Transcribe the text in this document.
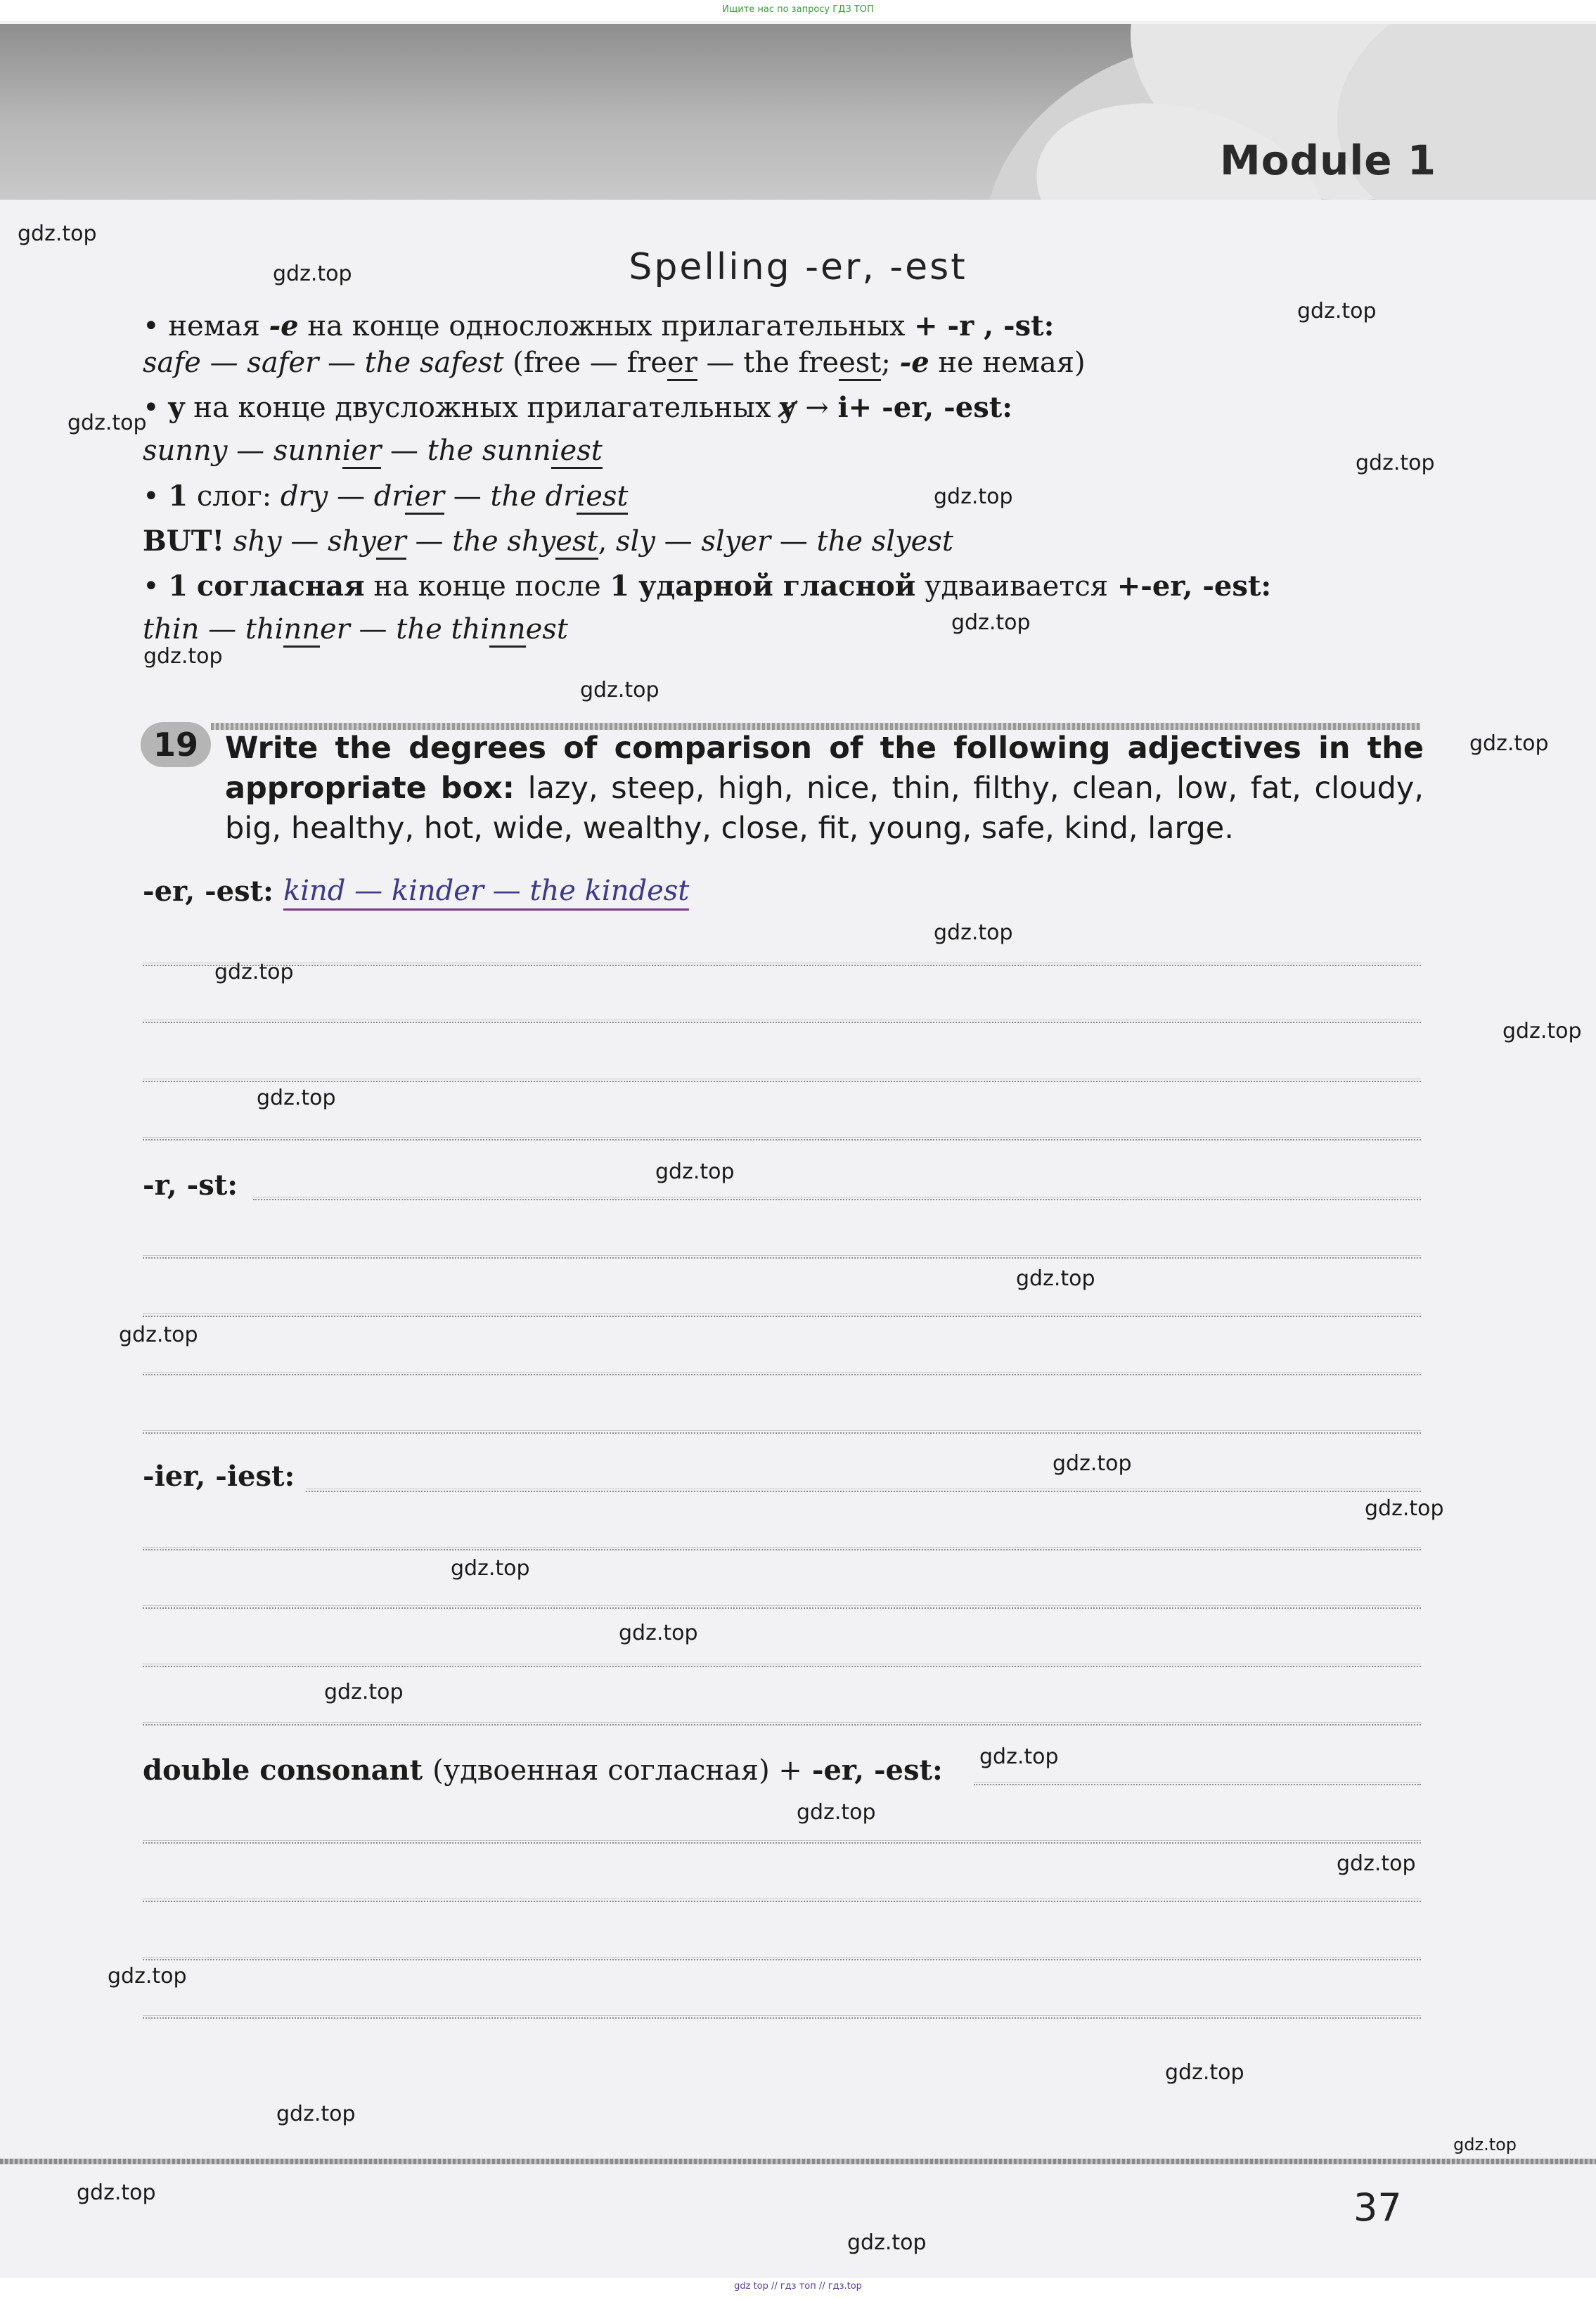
Ищите нас по запросу ГДЗ ТОП
Module 1
Spelling -er, -est
• немая -e на конце односложных прилагательных + -r , -st:
safe — safer — the safest (free — freer — the freest; -e не немая)
• y на конце двусложных прилагательных y → i+ -er, -est:
sunny — sunnier — the sunniest
• 1 слог: dry — drier — the driest
BUT! shy — shyer — the shyest, sly — slyer — the slyest
• 1 согласная на конце после 1 ударной гласной удваивается +-er, -est:
thin — thinner — the thinnest
19 Write the degrees of comparison of the following adjectives in the appropriate box: lazy, steep, high, nice, thin, filthy, clean, low, fat, cloudy, big, healthy, hot, wide, wealthy, close, fit, young, safe, kind, large.
-er, -est: kind — kinder — the kindest
-r, -st:
-ier, -iest:
double consonant (удвоенная согласная) + -er, -est:
37
gdz.top
gdz.top
gdz.top
gdz.top
gdz.top
gdz.top
gdz.top
gdz.top
gdz.top
gdz.top
gdz.top
gdz.top
gdz.top
gdz.top
gdz.top
gdz.top
gdz.top
gdz.top
gdz.top
gdz.top
gdz.top
gdz.top
gdz.top
gdz.top
gdz.top
gdz.top
gdz.top
gdz.top
gdz.top
gdz.top
gdz.top
gdz top // гдз топ // гдз.top
